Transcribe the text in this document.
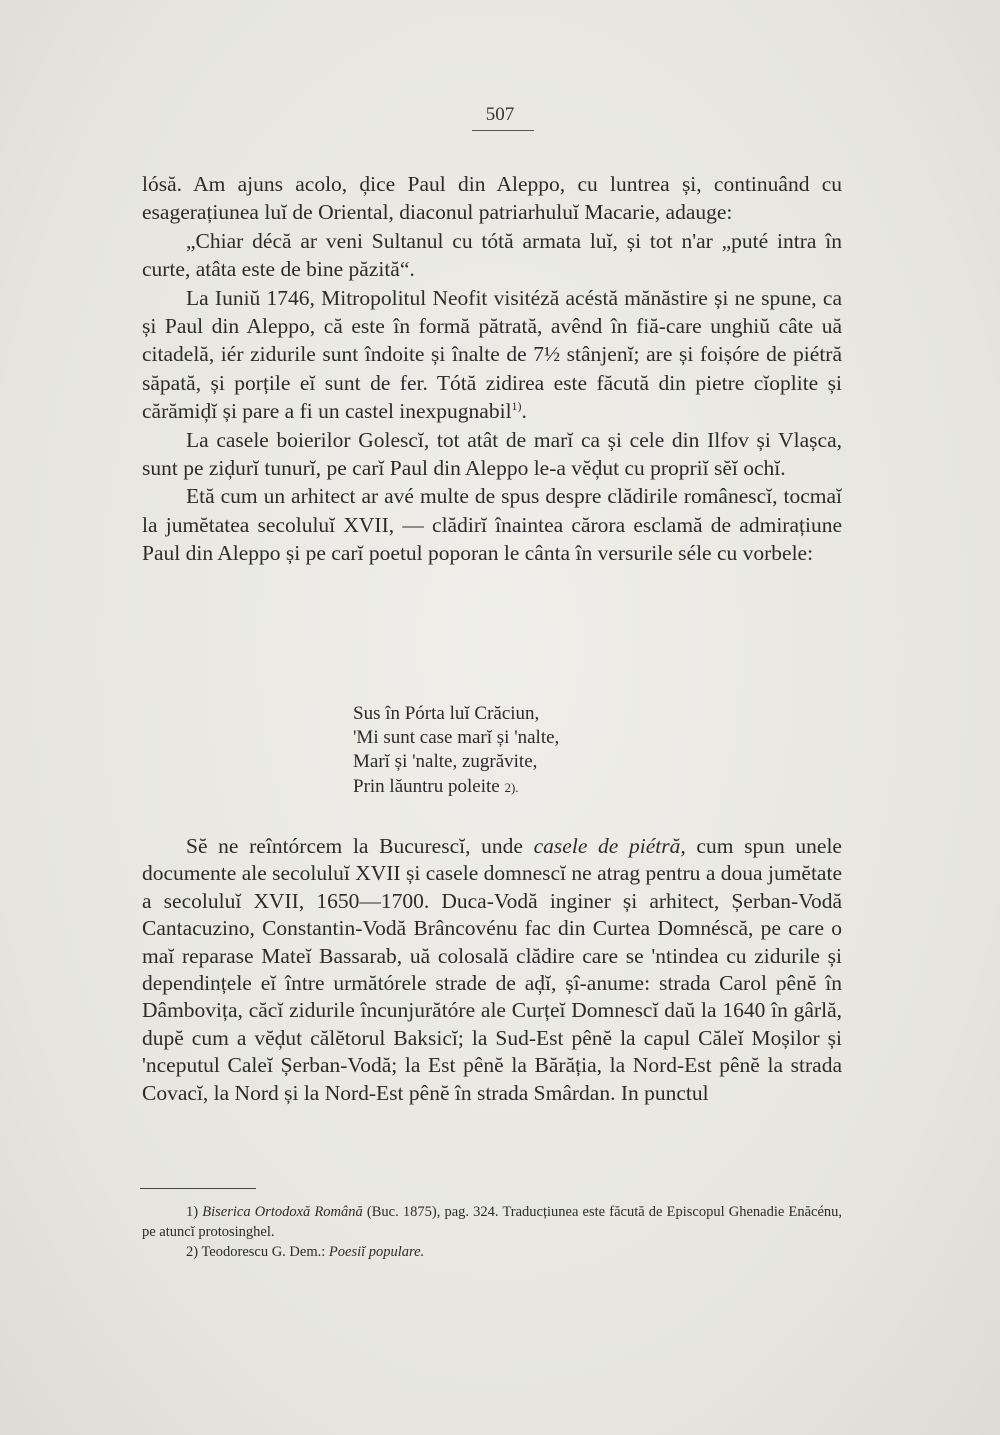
507

lósă. Am ajuns acolo, ḑice Paul din Aleppo, cu luntrea și, continuând cu esagerațiunea luĭ de Oriental, diaconul patriarhuluĭ Macarie, adauge:

„Chiar décă ar veni Sultanul cu tótă armata luĭ, și tot n'ar „puté intra în curte, atâta este de bine păzită“.

La Iuniŭ 1746, Mitropolitul Neofit visitéză acéstă mănăstire și ne spune, ca și Paul din Aleppo, că este în formă pătrată, avênd în fiă-care unghiŭ câte uă citadelă, iér zidurile sunt îndoite și înalte de 7½ stânjenĭ; are și foișóre de piétră săpată, și porțile eĭ sunt de fer. Tótă zidirea este făcută din pietre cĭoplite și cărămiḑĭ și pare a fi un castel inexpugnabil$^{1)}$.

La casele boierilor Golescĭ, tot atât de marĭ ca și cele din Ilfov și Vlașca, sunt pe ziḑurĭ tunurĭ, pe carĭ Paul din Aleppo le-a vĕḑut cu propriĭ sĕĭ ochĭ.

Etă cum un arhitect ar avé multe de spus despre clădirile românescĭ, tocmaĭ la jumĕtatea secoluluĭ XVII, — clădirĭ înaintea cărora esclamă de admirațiune Paul din Aleppo și pe carĭ poetul poporan le cânta în versurile séle cu vorbele:

Sus în Pórta luĭ Crăciun,
'Mi sunt case marĭ și 'nalte,
Marĭ și 'nalte, zugrăvite,
Prin lăuntru poleite 2).

Sĕ ne reîntórcem la Bucurescĭ, unde casele de piétră, cum spun unele documente ale secoluluĭ XVII și casele domnescĭ ne atrag pentru a doua jumĕtate a secoluluĭ XVII, 1650—1700. Duca-Vodă inginer și arhitect, Șerban-Vodă Cantacuzino, Constantin-Vodă Brâncovénu fac din Curtea Domnéscă, pe care o maĭ reparase Mateĭ Bassarab, uă colosală clădire care se 'ntindea cu zidurile și dependințele eĭ între următórele strade de aḑĭ, șî-anume: strada Carol pênĕ în Dâmbovița, căcĭ zidurile încunjurătóre ale Curțeĭ Domnescĭ daŭ la 1640 în gârlă, dupĕ cum a vĕḑut călĕtorul Baksicĭ; la Sud-Est pênĕ la capul Căleĭ Moșilor și 'nceputul Caleĭ Șerban-Vodă; la Est pênĕ la Bărăția, la Nord-Est pênĕ la strada Covacĭ, la Nord și la Nord-Est pênĕ în strada Smârdan. In punctul

1) Biserica Ortodoxă Română (Buc. 1875), pag. 324. Traducțiunea este făcută de Episcopul Ghenadie Enăcénu, pe atuncĭ protosinghel.

2) Teodorescu G. Dem.: Poesiĭ populare.
